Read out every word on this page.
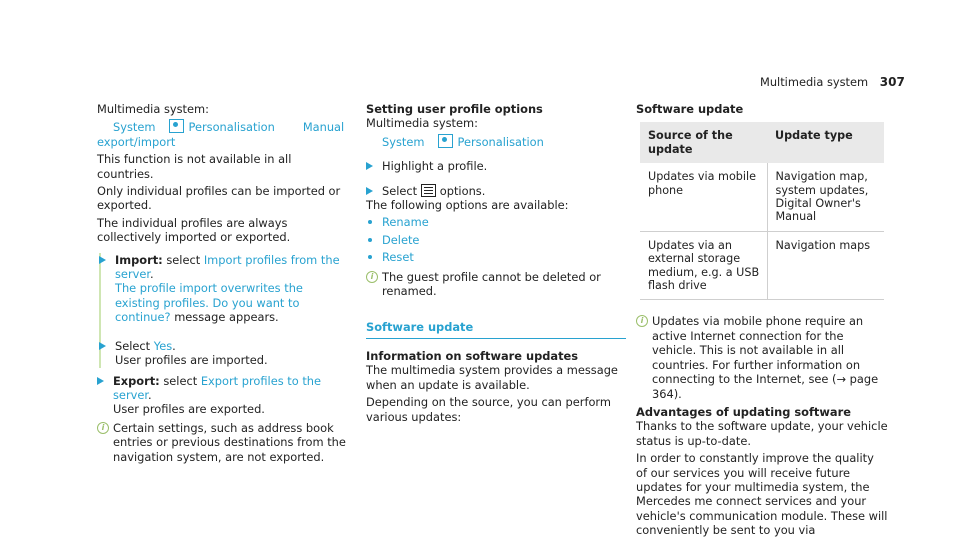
Multimedia system 307

Multimedia system:

System	Personalisation Manual

export/import

This function is not available in all countries.

Only individual profiles can be imported or exported.

The individual profiles are always collectively imported or exported.

Import: select Import profiles from the server.

The profile import overwrites the existing profiles. Do you want to continue? message appears.

Select Yes.

User profiles are imported.

Export: select Export profiles to the server.

User profiles are exported.

i Certain settings, such as address book entries or previous destinations from the navigation system, are not exported.

Setting user profile options

Multimedia system:

System	Personalisation

Highlight a profile.
Select options.

The following options are available:

Rename
Delete
Reset
i The guest profile cannot be deleted or renamed.

Software update

Information on software updates

The multimedia system provides a message when an update is available.

Depending on the source, you can perform various updates:

Software update

Source of the update	Update type
Updates via mobile phone	Navigation map, system updates, Digital Owner's Manual
Updates via an external storage medium, e.g. a USB flash drive	Navigation maps
i Updates via mobile phone require an active Internet connection for the vehicle. This is not available in all countries. For further information on connecting to the Internet, see (→ page 364).

Advantages of updating software

Thanks to the software update, your vehicle status is up-to-date.

In order to constantly improve the quality of our services you will receive future updates for your multimedia system, the Mercedes me connect services and your vehicle's communication module. These will conveniently be sent to you via
